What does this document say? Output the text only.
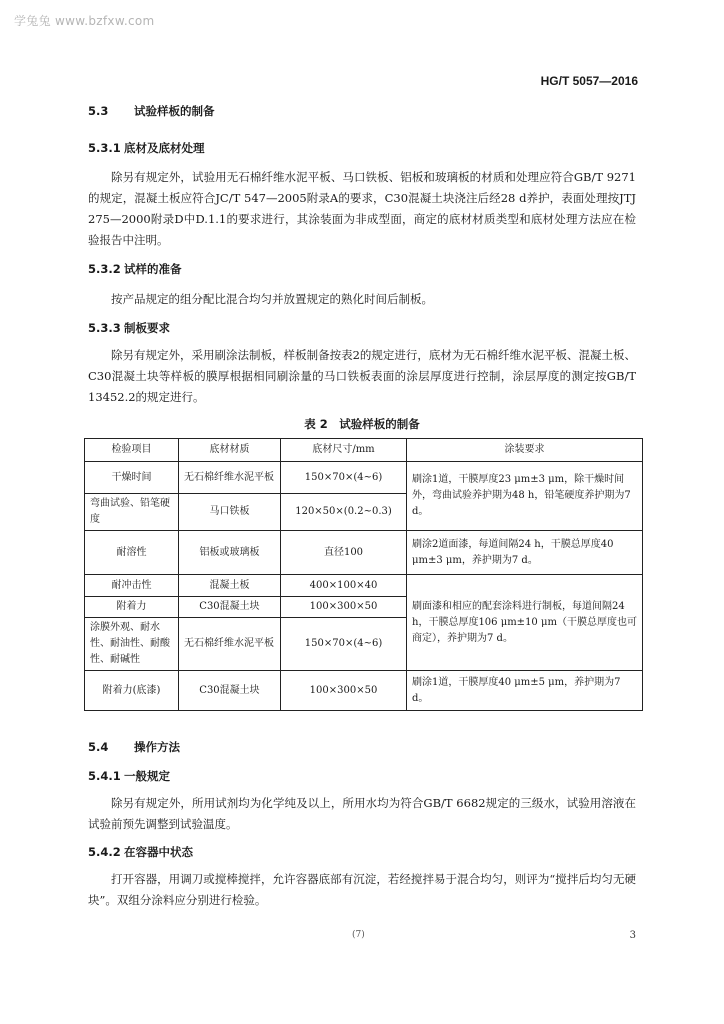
学兔兔 www.bzfxw.com
HG/T 5057—2016

5.3 试验样板的制备

5.3.1 底材及底材处理

除另有规定外，试验用无石棉纤维水泥平板、马口铁板、铝板和玻璃板的材质和处理应符合GB/T 9271的规定，混凝土板应符合JC/T 547—2005附录A的要求，C30混凝土块浇注后经28 d养护，表面处理按JTJ 275—2000附录D中D.1.1的要求进行，其涂装面为非成型面，商定的底材材质类型和底材处理方法应在检验报告中注明。

5.3.2 试样的准备

按产品规定的组分配比混合均匀并放置规定的熟化时间后制板。

5.3.3 制板要求

除另有规定外，采用刷涂法制板，样板制备按表2的规定进行，底材为无石棉纤维水泥平板、混凝土板、C30混凝土块等样板的膜厚根据相同刷涂量的马口铁板表面的涂层厚度进行控制，涂层厚度的测定按GB/T 13452.2的规定进行。

表 2　试验样板的制备
检验项目	底材材质	底材尺寸/mm	涂装要求
干燥时间	无石棉纤维水泥平板	150×70×(4~6)	刷涂1道，干膜厚度23 μm±3 μm，除干燥时间外，弯曲试验养护期为48 h，铅笔硬度养护期为7 d。
弯曲试验、铅笔硬度	马口铁板	120×50×(0.2~0.3)	
耐溶性	铝板或玻璃板	直径100	刷涂2道面漆，每道间隔24 h，干膜总厚度40 μm±3 μm，养护期为7 d。
耐冲击性	混凝土板	400×100×40	刷面漆和相应的配套涂料进行制板，每道间隔24 h，干膜总厚度106 μm±10 μm（干膜总厚度也可商定），养护期为7 d。
附着力	C30混凝土块	100×300×50	
涂膜外观、耐水性、耐油性、耐酸性、耐碱性	无石棉纤维水泥平板	150×70×(4~6)	
附着力(底漆)	C30混凝土块	100×300×50	刷涂1道，干膜厚度40 μm±5 μm，养护期为7 d。

5.4 操作方法

5.4.1 一般规定

除另有规定外，所用试剂均为化学纯及以上，所用水均为符合GB/T 6682规定的三级水，试验用溶液在试验前预先调整到试验温度。

5.4.2 在容器中状态

打开容器，用调刀或搅棒搅拌，允许容器底部有沉淀，若经搅拌易于混合均匀，则评为“搅拌后均匀无硬块”。双组分涂料应分别进行检验。

(7)	3
